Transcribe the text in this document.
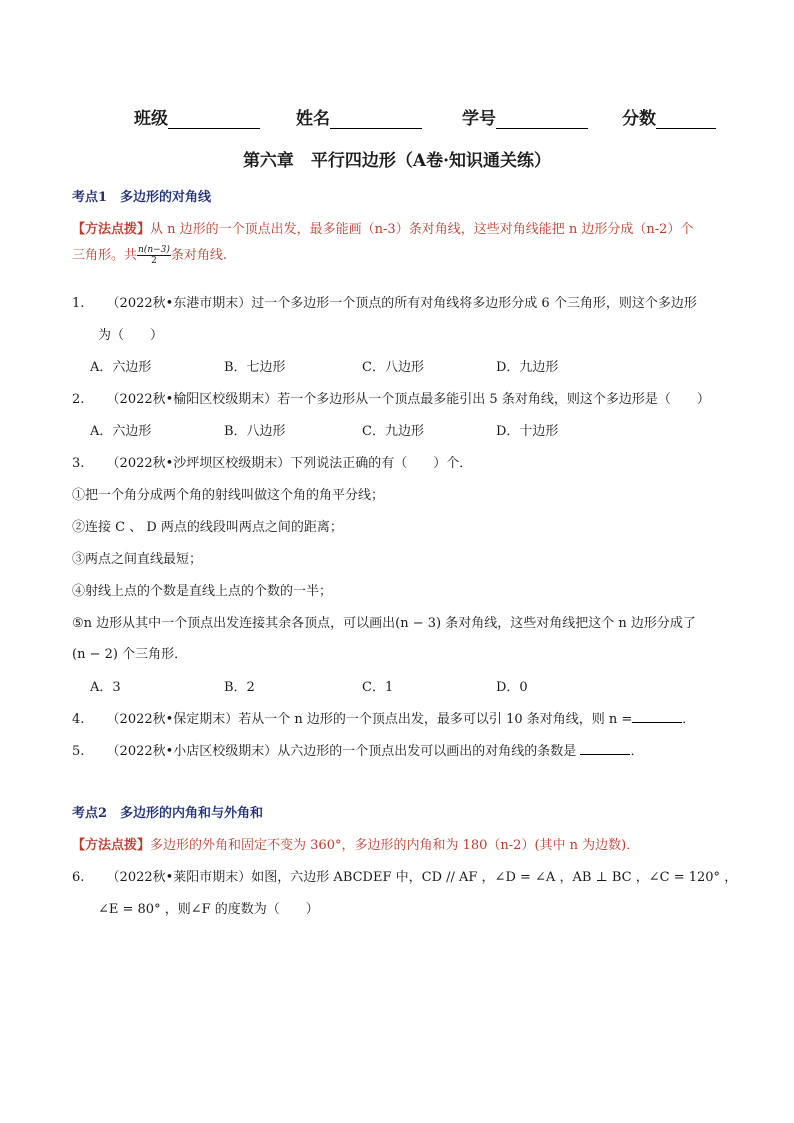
班级	姓名	学号	分数
第六章　平行四边形（A卷·知识通关练）
考点1　多边形的对角线
【方法点拨】从 n 边形的一个顶点出发，最多能画（n-3）条对角线，这些对角线能把 n 边形分成（n-2）个
三角形。共 $\frac{n(n-3)}{2}$ 条对角线.
1. （2022秋•东港市期末）过一个多边形一个顶点的所有对角线将多边形分成 6 个三角形，则这个多边形
为（　　）
A．六边形	B．七边形	C．八边形	D．九边形
2. （2022秋•榆阳区校级期末）若一个多边形从一个顶点最多能引出 5 条对角线，则这个多边形是（　　）
A．六边形	B．八边形	C．九边形	D．十边形
3. （2022秋•沙坪坝区校级期末）下列说法正确的有（　　）个．
①把一个角分成两个角的射线叫做这个角的角平分线；
②连接 C 、 D 两点的线段叫两点之间的距离；
③两点之间直线最短；
④射线上点的个数是直线上点的个数的一半；
⑤n 边形从其中一个顶点出发连接其余各顶点，可以画出(n − 3) 条对角线，这些对角线把这个 n 边形分成了
(n − 2) 个三角形．
A．3	B．2	C．1	D．0
4. （2022秋•保定期末）若从一个 n 边形的一个顶点出发，最多可以引 10 条对角线，则 n =	．
5. （2022秋•小店区校级期末）从六边形的一个顶点出发可以画出的对角线的条数是	．
考点2　多边形的内角和与外角和
【方法点拨】多边形的外角和固定不变为 360°，多边形的内角和为 180（n-2）(其中 n 为边数)．
6. （2022秋•莱阳市期末）如图，六边形 ABCDEF 中，CD // AF ，∠D = ∠A ，AB ⊥ BC ，∠C = 120° ，
∠E = 80° ，则∠F 的度数为（　　）
